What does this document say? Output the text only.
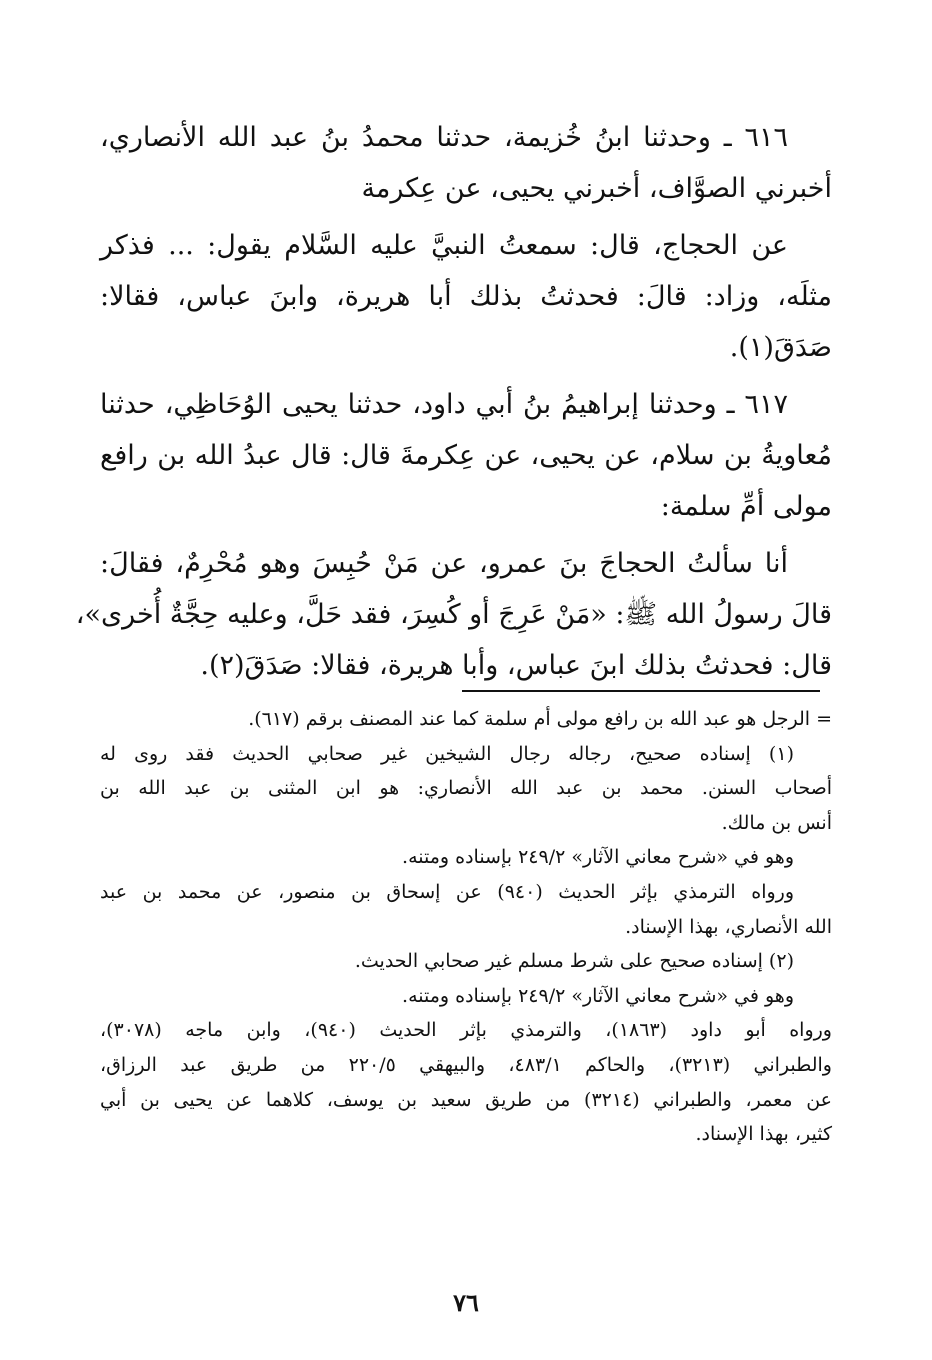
٦١٦ ـ وحدثنا ابنُ خُزيمة، حدثنا محمدُ بنُ عبد الله الأنصاري،
أخبرني الصوَّاف، أخبرني يحيى، عن عِكرمة
عن الحجاج، قال: سمعتُ النبيَّ عليه السَّلام يقول: ... فذكر
مثلَه، وزاد: قالَ: فحدثتُ بذلك أبا هريرة، وابنَ عباس، فقالا:
صَدَقَ(١).
٦١٧ ـ وحدثنا إبراهيمُ بنُ أبي داود، حدثنا يحيى الوُحَاظِي، حدثنا
مُعاويةُ بن سلام، عن يحيى، عن عِكرمةَ قال: قال عبدُ الله بن رافع
مولى أمِّ سلمة:
أنا سألتُ الحجاجَ بنَ عمرو، عن مَنْ حُبِسَ وهو مُحْرِمٌ، فقالَ:
قالَ رسولُ الله ﷺ: «مَنْ عَرِجَ أو كُسِرَ، فقد حَلَّ، وعليه حِجَّةٌ أُخرى»،
قال: فحدثتُ بذلك ابنَ عباس، وأبا هريرة، فقالا: صَدَقَ(٢).
= الرجل هو عبد الله بن رافع مولى أم سلمة كما عند المصنف برقم (٦١٧).
(١) إسناده صحيح، رجاله رجال الشيخين غير صحابي الحديث فقد روى له
أصحاب السنن. محمد بن عبد الله الأنصاري: هو ابن المثنى بن عبد الله بن
أنس بن مالك.
وهو في «شرح معاني الآثار» ٢٤٩/٢ بإسناده ومتنه.
ورواه الترمذي بإثر الحديث (٩٤٠) عن إسحاق بن منصور، عن محمد بن عبد
الله الأنصاري، بهذا الإسناد.
(٢) إسناده صحيح على شرط مسلم غير صحابي الحديث.
وهو في «شرح معاني الآثار» ٢٤٩/٢ بإسناده ومتنه.
ورواه أبو داود (١٨٦٣)، والترمذي بإثر الحديث (٩٤٠)، وابن ماجه (٣٠٧٨)،
والطبراني (٣٢١٣)، والحاكم ٤٨٣/١، والبيهقي ٢٢٠/٥ من طريق عبد الرزاق،
عن معمر، والطبراني (٣٢١٤) من طريق سعيد بن يوسف، كلاهما عن يحيى بن أبي
كثير، بهذا الإسناد.
٧٦
